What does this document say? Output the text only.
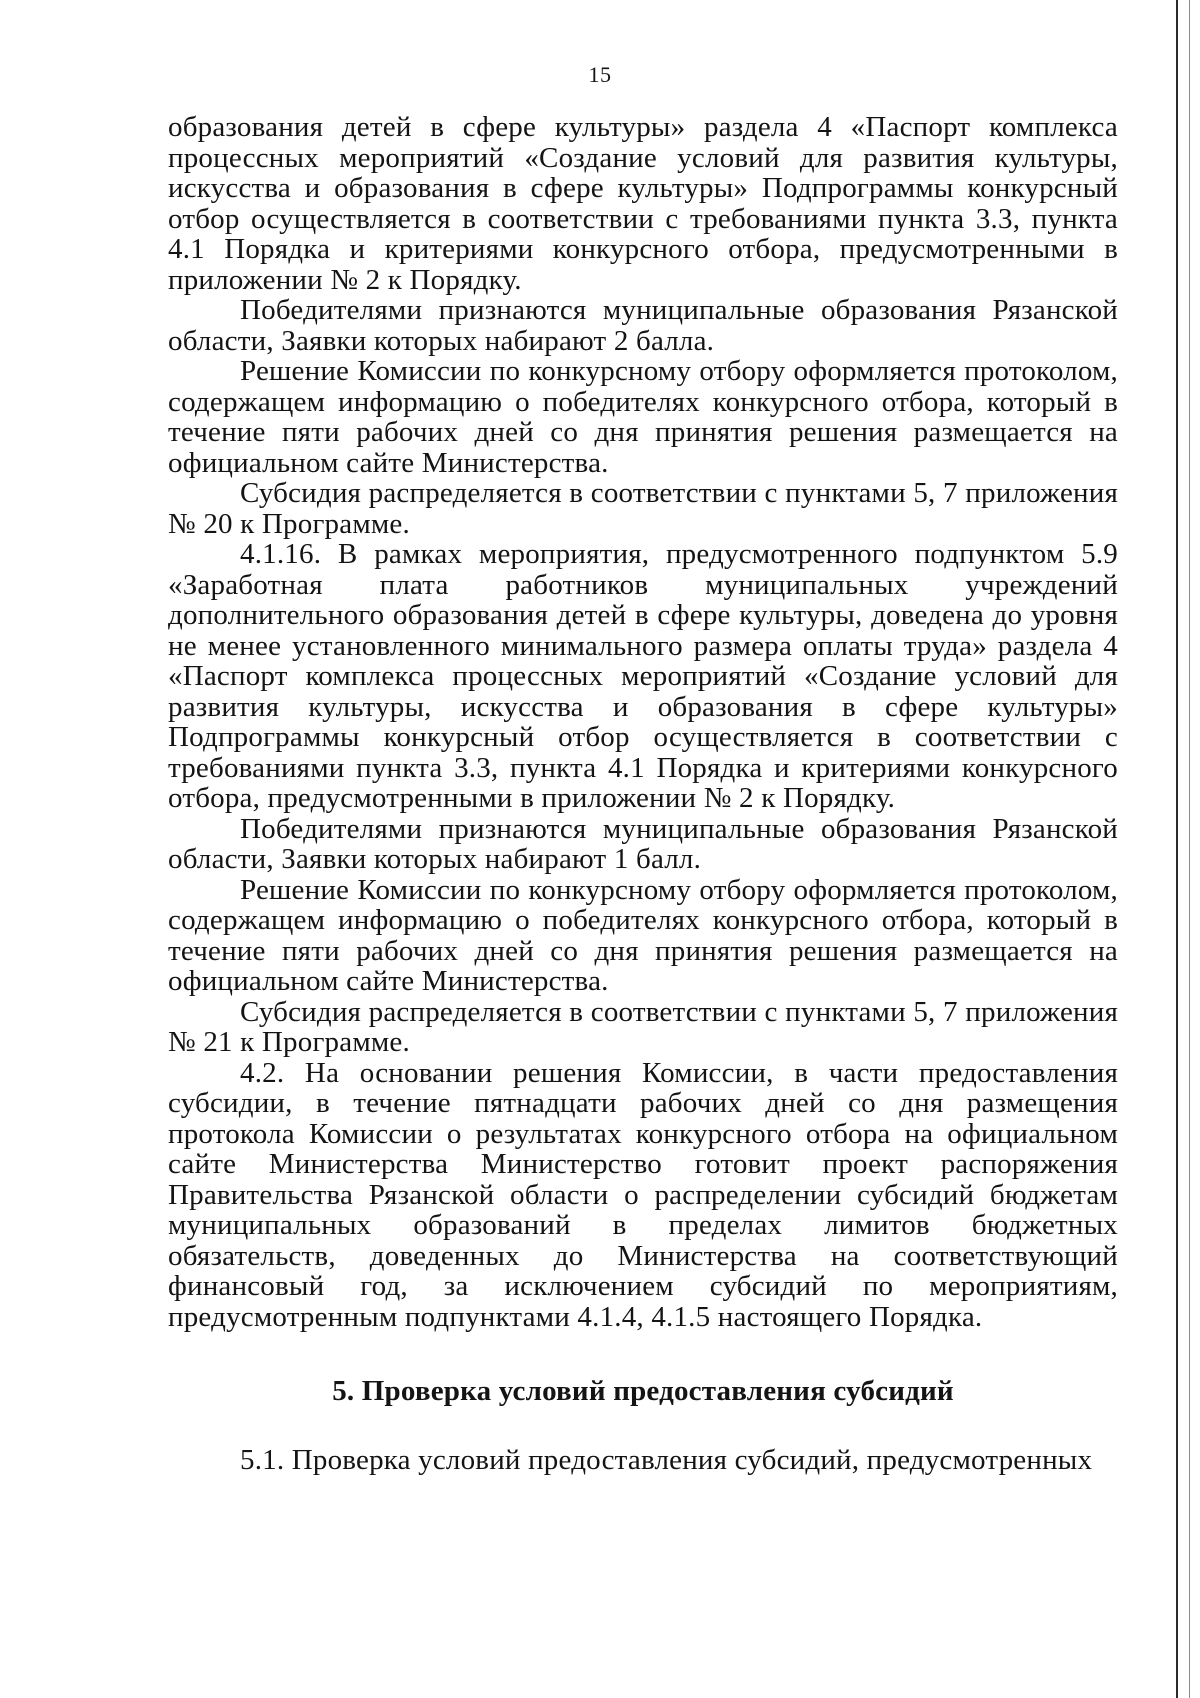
15

образования детей в сфере культуры» раздела 4 «Паспорт комплекса процессных мероприятий «Создание условий для развития культуры, искусства и образования в сфере культуры» Подпрограммы конкурсный отбор осуществляется в соответствии с требованиями пункта 3.3, пункта 4.1 Порядка и критериями конкурсного отбора, предусмотренными в приложении № 2 к Порядку.

Победителями признаются муниципальные образования Рязанской области, Заявки которых набирают 2 балла.

Решение Комиссии по конкурсному отбору оформляется протоколом, содержащем информацию о победителях конкурсного отбора, который в течение пяти рабочих дней со дня принятия решения размещается на официальном сайте Министерства.

Субсидия распределяется в соответствии с пунктами 5, 7 приложения № 20 к Программе.

4.1.16. В рамках мероприятия, предусмотренного подпунктом 5.9 «Заработная плата работников муниципальных учреждений дополнительного образования детей в сфере культуры, доведена до уровня не менее установленного минимального размера оплаты труда» раздела 4 «Паспорт комплекса процессных мероприятий «Создание условий для развития культуры, искусства и образования в сфере культуры» Подпрограммы конкурсный отбор осуществляется в соответствии с требованиями пункта 3.3, пункта 4.1 Порядка и критериями конкурсного отбора, предусмотренными в приложении № 2 к Порядку.

Победителями признаются муниципальные образования Рязанской области, Заявки которых набирают 1 балл.

Решение Комиссии по конкурсному отбору оформляется протоколом, содержащем информацию о победителях конкурсного отбора, который в течение пяти рабочих дней со дня принятия решения размещается на официальном сайте Министерства.

Субсидия распределяется в соответствии с пунктами 5, 7 приложения № 21 к Программе.

4.2. На основании решения Комиссии, в части предоставления субсидии, в течение пятнадцати рабочих дней со дня размещения протокола Комиссии о результатах конкурсного отбора на официальном сайте Министерства Министерство готовит проект распоряжения Правительства Рязанской области о распределении субсидий бюджетам муниципальных образований в пределах лимитов бюджетных обязательств, доведенных до Министерства на соответствующий финансовый год, за исключением субсидий по мероприятиям, предусмотренным подпунктами 4.1.4, 4.1.5 настоящего Порядка.

5. Проверка условий предоставления субсидий

5.1. Проверка условий предоставления субсидий, предусмотренных
